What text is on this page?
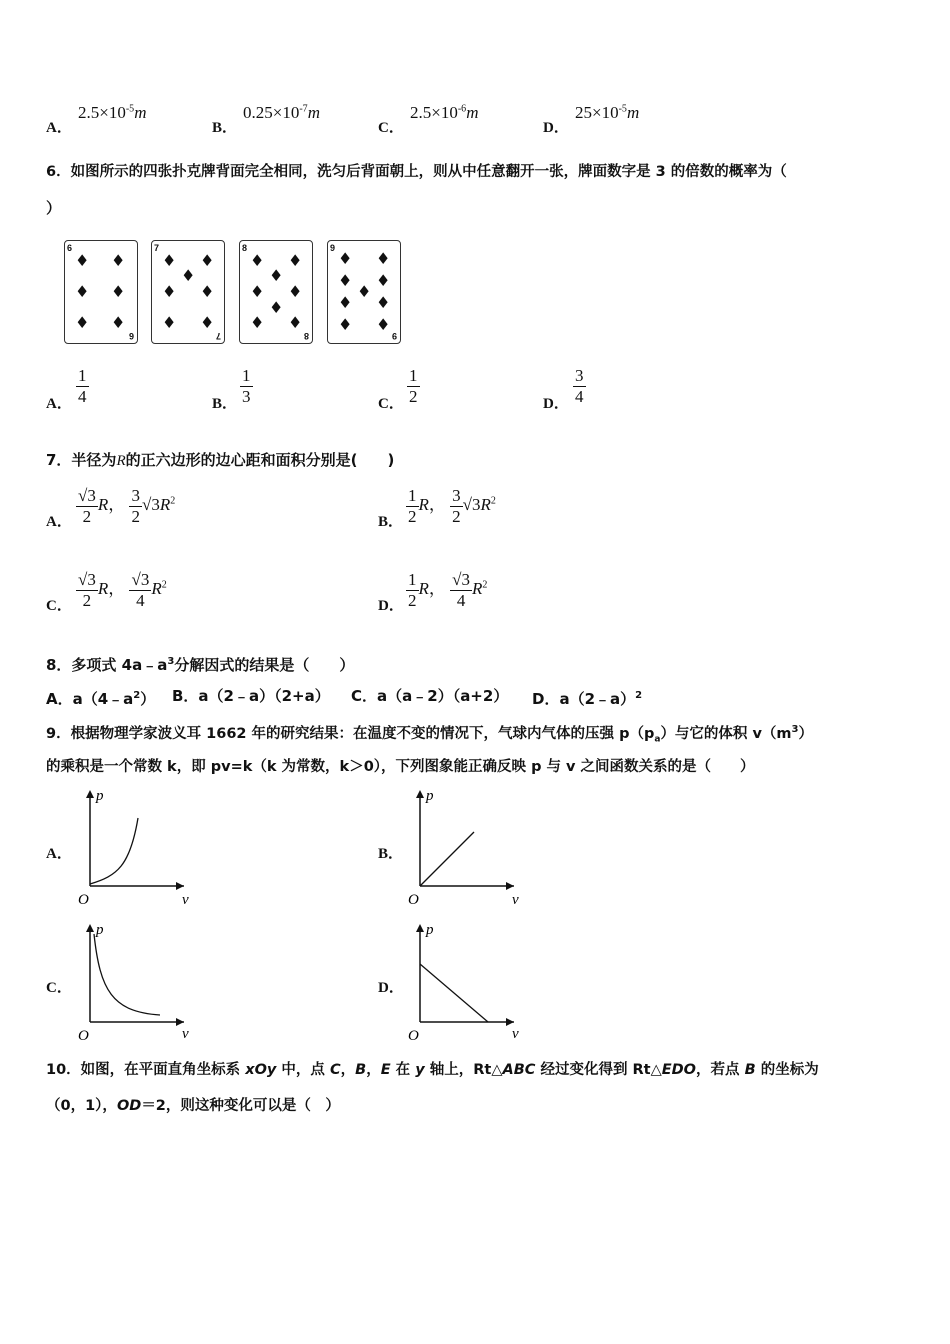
A．
$2.5\times 10^{-5}m$
B．
$0.25\times 10^{-7}m$
C．
$2.5\times 10^{-6}m$
D．
$25\times 10^{-5}m$
6．如图所示的四张扑克牌背面完全相同，洗匀后背面朝上，则从中任意翻开一张，牌面数字是 3 的倍数的概率为（
）
6
6
♦ ♦
♦ ♦
♦ ♦
7
7
♦ ♦
♦
♦ ♦
♦ ♦
8
8
♦ ♦
♦
♦ ♦
♦
♦ ♦
9
9
♦ ♦
♦ ♦
♦
♦ ♦
♦ ♦
A． $\frac{1}{4}$	B． $\frac{1}{3}$	C． $\frac{1}{2}$	D． $\frac{3}{4}$
7．半径为R的正六边形的边心距和面积分别是(　　)
A． $\frac{√3}{2}$ R， $\frac{3}{2} √3R^2$
B． $\frac{1}{2}$ R， $\frac{3}{2} √3R^2$
C． $\frac{√3}{2}$ R， $\frac{√3}{4} R^2$
D． $\frac{1}{2}$ R， $\frac{√3}{4} R^2$
8．多项式 $4a﹣a^3$分解因式的结果是（　　）
A．$a(4﹣a^2)$ B．a（2﹣a）（2+a） C．a（a﹣2）（a+2） D．a（2﹣a）$^2$
9．根据物理学家波义耳 1662 年的研究结果：在温度不变的情况下，气球内气体的压强 $p(p_a)$与它的体积 $v(m^3)$
的乘积是一个常数 k，即 pv=k（k 为常数，k＞0），下列图象能正确反映 p 与 v 之间函数关系的是（　　）
A．
p
O	v
B．
p
O	v
C．
p
O	v
D．
p
O	v
10．如图，在平面直角坐标系 xOy 中，点 C，B，E 在 y 轴上，Rt△ABC 经过变化得到 Rt△EDO，若点 B 的坐标为
（0，1），OD＝2，则这种变化可以是（　）
